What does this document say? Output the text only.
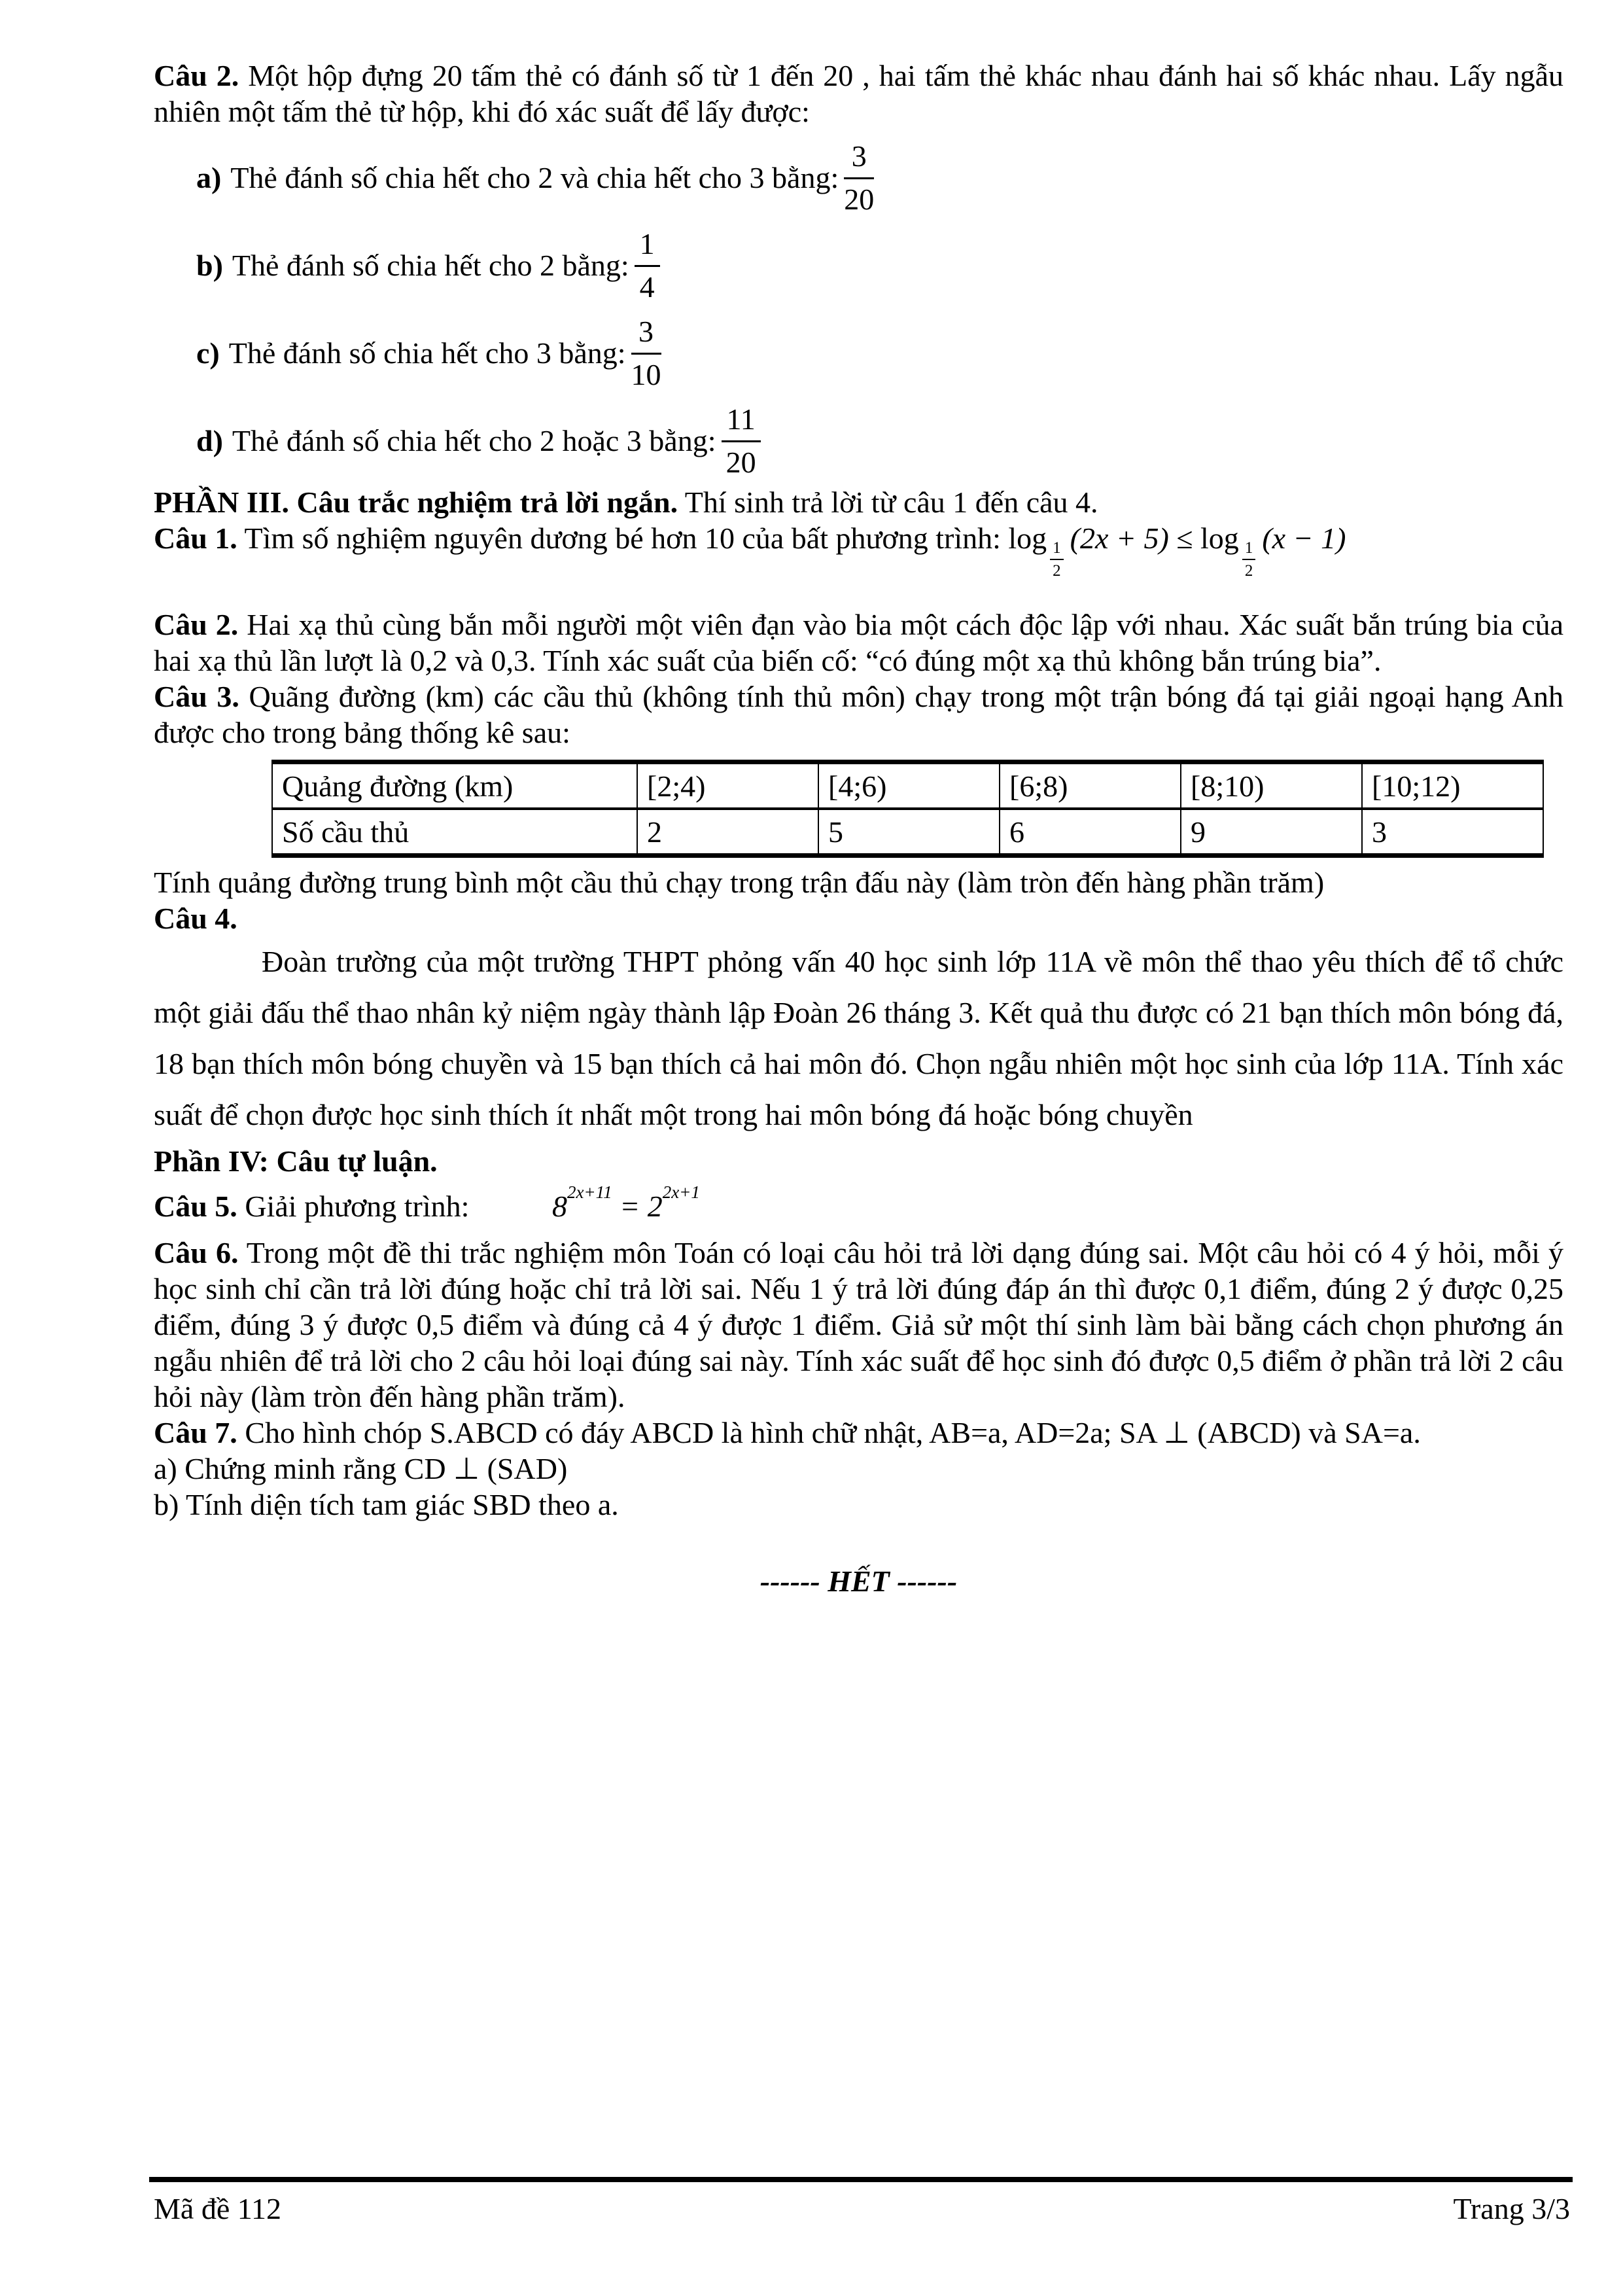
Câu 2. Một hộp đựng 20 tấm thẻ có đánh số từ 1 đến 20 , hai tấm thẻ khác nhau đánh hai số khác nhau. Lấy ngẫu nhiên một tấm thẻ từ hộp, khi đó xác suất để lấy được:

a) Thẻ đánh số chia hết cho 2 và chia hết cho 3 bằng: $\frac{3}{20}$
b) Thẻ đánh số chia hết cho 2 bằng: $\frac{1}{4}$
c) Thẻ đánh số chia hết cho 3 bằng: $\frac{3}{10}$
d) Thẻ đánh số chia hết cho 2 hoặc 3 bằng: $\frac{11}{20}$

PHẦN III. Câu trắc nghiệm trả lời ngắn. Thí sinh trả lời từ câu 1 đến câu 4.

Câu 1. Tìm số nghiệm nguyên dương bé hơn 10 của bất phương trình: log
$\frac{1}{2}$
(2x + 5) ≤ log
$\frac{1}{2}$
(x − 1)

Câu 2. Hai xạ thủ cùng bắn mỗi người một viên đạn vào bia một cách độc lập với nhau. Xác suất bắn trúng bia của hai xạ thủ lần lượt là 0,2 và 0,3. Tính xác suất của biến cố: “có đúng một xạ thủ không bắn trúng bia”.

Câu 3. Quãng đường (km) các cầu thủ (không tính thủ môn) chạy trong một trận bóng đá tại giải ngoại hạng Anh được cho trong bảng thống kê sau:

Quảng đường (km)	[2;4)	[4;6)	[6;8)	[8;10)	[10;12)
Số cầu thủ	2	5	6	9	3

Tính quảng đường trung bình một cầu thủ chạy trong trận đấu này (làm tròn đến hàng phần trăm)

Câu 4.

Đoàn trường của một trường THPT phỏng vấn 40 học sinh lớp 11A về môn thể thao yêu thích để tổ chức một giải đấu thể thao nhân kỷ niệm ngày thành lập Đoàn 26 tháng 3. Kết quả thu được có 21 bạn thích môn bóng đá, 18 bạn thích môn bóng chuyền và 15 bạn thích cả hai môn đó. Chọn ngẫu nhiên một học sinh của lớp 11A. Tính xác suất để chọn được học sinh thích ít nhất một trong hai môn bóng đá hoặc bóng chuyền

Phần IV: Câu tự luận.

Câu 5. Giải phương trình:	$8^{2x+11} = 2^{2x+1}$

Câu 6. Trong một đề thi trắc nghiệm môn Toán có loại câu hỏi trả lời dạng đúng sai. Một câu hỏi có 4 ý hỏi, mỗi ý học sinh chỉ cần trả lời đúng hoặc chỉ trả lời sai. Nếu 1 ý trả lời đúng đáp án thì được 0,1 điểm, đúng 2 ý được 0,25 điểm, đúng 3 ý được 0,5 điểm và đúng cả 4 ý được 1 điểm. Giả sử một thí sinh làm bài bằng cách chọn phương án ngẫu nhiên để trả lời cho 2 câu hỏi loại đúng sai này. Tính xác suất để học sinh đó được 0,5 điểm ở phần trả lời 2 câu hỏi này (làm tròn đến hàng phần trăm).

Câu 7. Cho hình chóp S.ABCD có đáy ABCD là hình chữ nhật, AB=a, AD=2a; SA ⊥ (ABCD) và SA=a.

a) Chứng minh rằng CD ⊥ (SAD)

b) Tính diện tích tam giác SBD theo a.

------ HẾT ------

Mã đề 112	Trang 3/3
